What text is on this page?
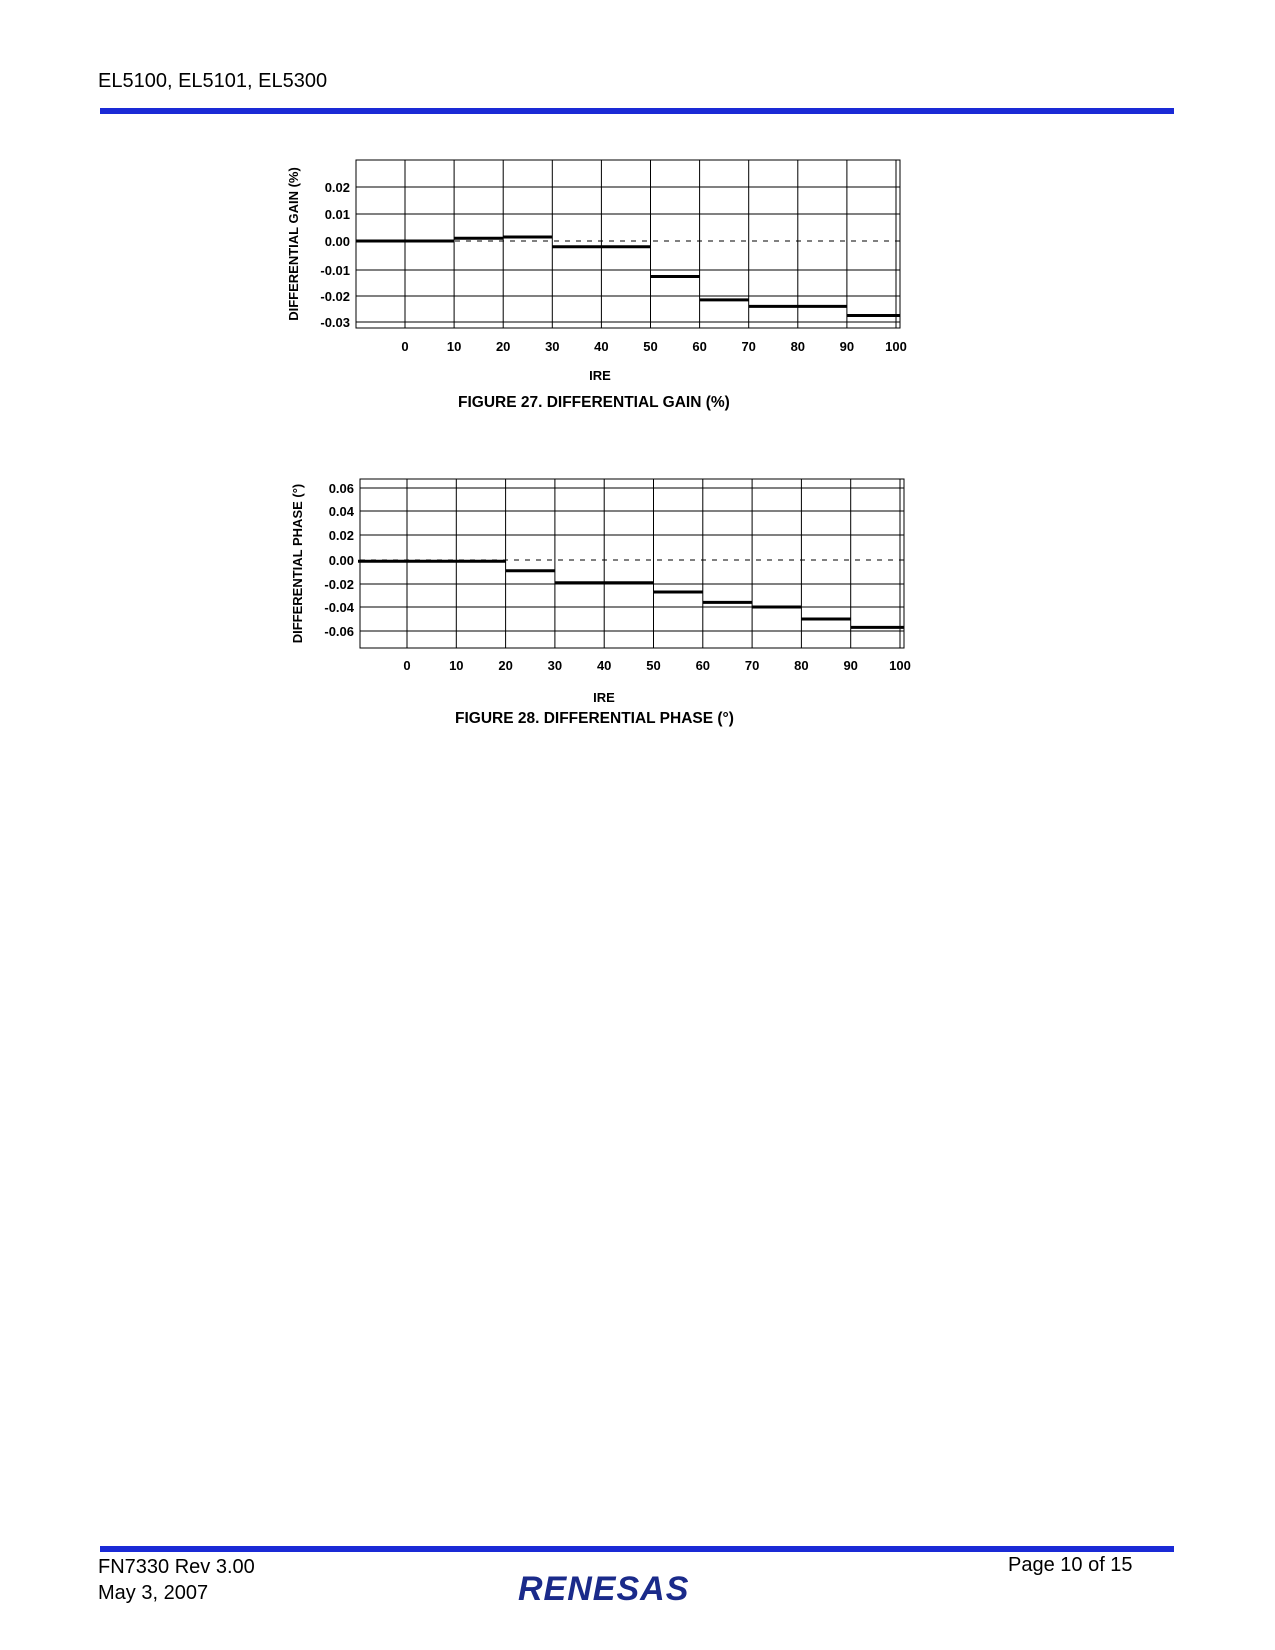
EL5100, EL5101, EL5300
0	10	20	30	40	50	60	70	80	90 100
0.02
0.01
0.00
-0.01
-0.02
-0.03
IRE
DIFFERENTIAL GAIN (%)
FIGURE 27. DIFFERENTIAL GAIN (%)
0	10	20	30	40	50	60	70	80	90 100
0.06
0.04
0.02
0.00
-0.02
-0.04
-0.06
IRE
DIFFERENTIAL PHASE (°)
FIGURE 28. DIFFERENTIAL PHASE (°)
FN7330 Rev 3.00
May 3, 2007
Page 10 of 15
RENESAS
